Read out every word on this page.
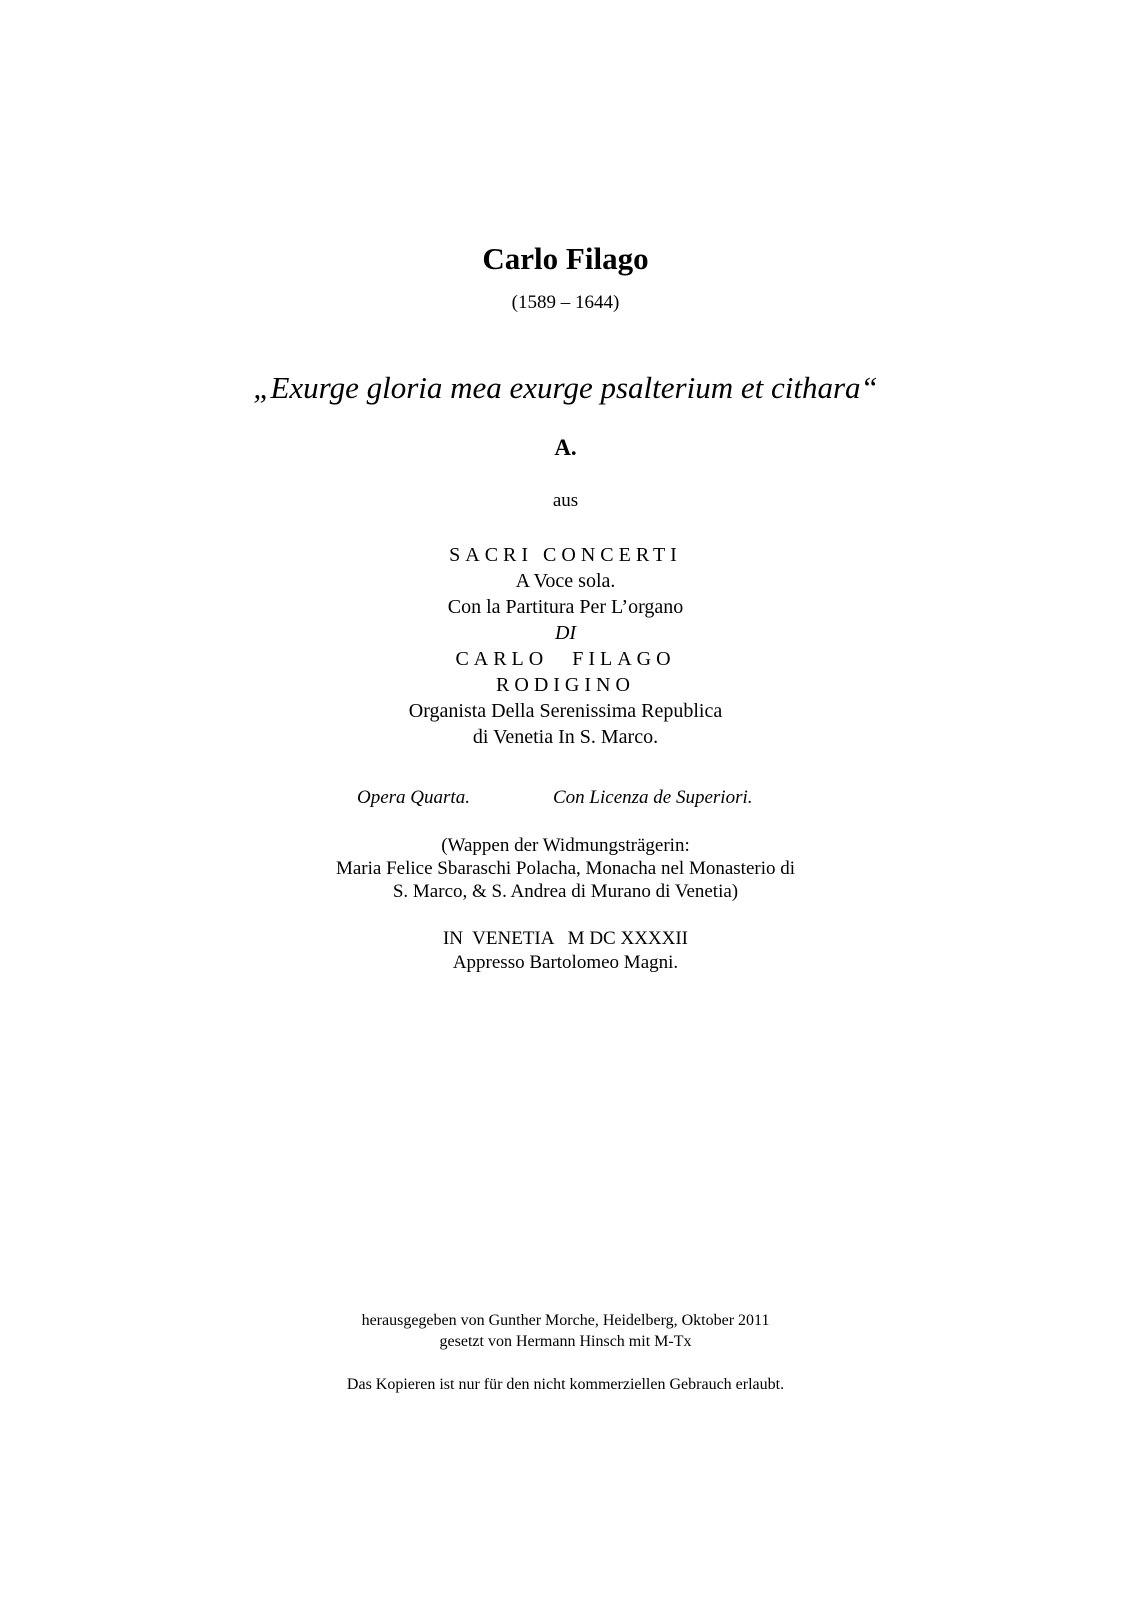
Carlo Filago
(1589 – 1644)
„Exurge gloria mea exurge psalterium et cithara“
A.
aus
SACRI CONCERTI
A Voce sola.
Con la Partitura Per L’organo
DI
CARLO FILAGO
RODIGINO
Organista Della Serenissima Republica
di Venetia In S. Marco.
Opera Quarta.	Con Licenza de Superiori.
(Wappen der Widmungsträgerin:
Maria Felice Sbaraschi Polacha, Monacha nel Monasterio di
S. Marco, & S. Andrea di Murano di Venetia)
IN  VENETIA   M DC XXXXII
Appresso Bartolomeo Magni.
herausgegeben von Gunther Morche, Heidelberg, Oktober 2011
gesetzt von Hermann Hinsch mit M-Tx
Das Kopieren ist nur für den nicht kommerziellen Gebrauch erlaubt.
